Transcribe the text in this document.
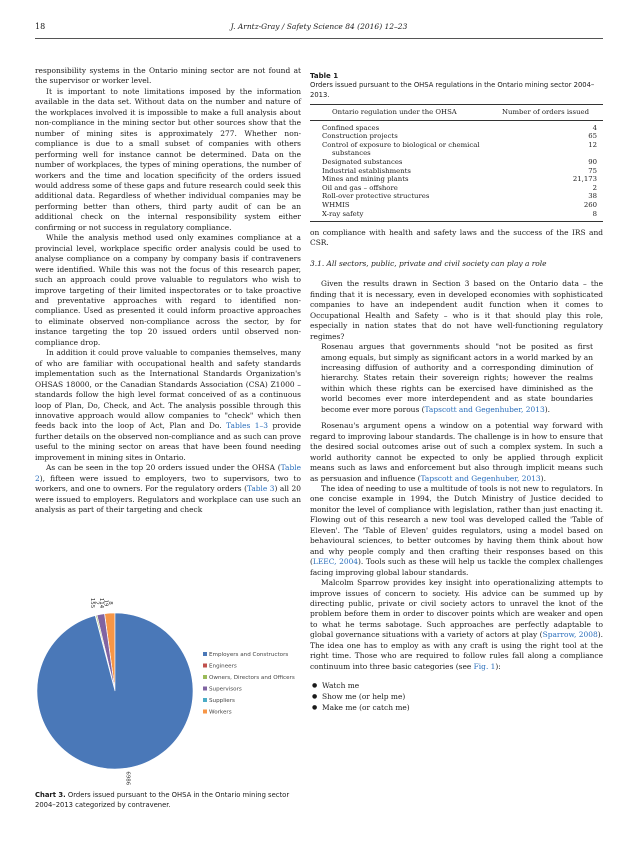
18	J. Arntz-Gray / Safety Science 84 (2016) 12–23

responsibility systems in the Ontario mining sector are not found at the supervisor or worker level.

It is important to note limitations imposed by the information available in the data set. Without data on the number and nature of the workplaces involved it is impossible to make a full analysis about non-compliance in the mining sector but other sources show that the number of mining sites is approximately 277. Whether non-compliance is due to a small subset of companies with others performing well for instance cannot be determined. Data on the number of workplaces, the types of mining operations, the number of workers and the time and location specificity of the orders issued would address some of these gaps and future research could seek this additional data. Regardless of whether individual companies may be performing better than others, third party audit of can be an additional check on the internal responsibility system either confirming or not success in regulatory compliance.

While the analysis method used only examines compliance at a provincial level, workplace specific order analysis could be used to analyse compliance on a company by company basis if contraveners were identified. While this was not the focus of this research paper, such an approach could prove valuable to regulators who wish to improve targeting of their limited inspectorates or to take proactive and preventative approaches with regard to identified non-compliance. Used as presented it could inform proactive approaches to eliminate observed non-compliance across the sector, by for instance targeting the top 20 issued orders until observed non-compliance drop.

In addition it could prove valuable to companies themselves, many of who are familiar with occupational health and safety standards implementation such as the International Standards Organization's OHSAS 18000, or the Canadian Standards Association (CSA) Z1000 – standards follow the high level format conceived of as a continuous loop of Plan, Do, Check, and Act. The analysis possible through this innovative approach would allow companies to "check" which then feeds back into the loop of Act, Plan and Do. Tables 1–3 provide further details on the observed non-compliance and as such can prove useful to the mining sector on areas that have been found needing improvement in mining sites in Ontario.

As can be seen in the top 20 orders issued under the OHSA (Table 2), fifteen were issued to employers, two to supervisors, two to workers, and one to owners. For the regulatory orders (Table 3) all 20 were issued to employers. Regulators and workplace can use such an analysis as part of their targeting and check

Table 1
Orders issued pursuant to the OHSA regulations in the Ontario mining sector 2004–2013.
Ontario regulation under the OHSA	Number of orders issued
Confined spaces	4

Construction projects	65

Control of exposure to biological or chemical substances	12

Designated substances	90

Industrial establishments	75

Mines and mining plants	21,173

Oil and gas – offshore	2

Roll-over protective structures	38

WHMIS	260

X-ray safety	8

on compliance with health and safety laws and the success of the IRS and CSR.

3.1. All sectors, public, private and civil society can play a role

Given the results drawn in Section 3 based on the Ontario data – the finding that it is necessary, even in developed economies with sophisticated companies to have an independent audit function when it comes to Occupational Health and Safety – who is it that should play this role, especially in nation states that do not have well-functioning regulatory regimes?

Rosenau argues that governments should "not be posited as first among equals, but simply as significant actors in a world marked by an increasing diffusion of authority and a corresponding diminution of hierarchy. States retain their sovereign rights; however the realms within which these rights can be exercised have diminished as the world becomes ever more interdependent and as state boundaries become ever more porous (Tapscott and Gegenhuber, 2013).

Rosenau's argument opens a window on a potential way forward with regard to improving labour standards. The challenge is in how to ensure that the desired social outcomes arise out of such a complex system. In such a world authority cannot be expected to only be applied through explicit means such as laws and enforcement but also through implicit means such as persuasion and influence (Tapscott and Gegenhuber, 2013).

The idea of needing to use a multitude of tools is not new to regulators. In one concise example in 1994, the Dutch Ministry of Justice decided to monitor the level of compliance with legislation, rather than just enacting it. Flowing out of this research a new tool was developed called the 'Table of Eleven'. The 'Table of Eleven' guides regulators, using a model based on behavioural sciences, to better outcomes by having them think about how and why people comply and then crafting their responses based on this (LEEC, 2004). Tools such as these will help us tackle the complex challenges facing improving global labour standards.

Malcolm Sparrow provides key insight into operationalizing attempts to improve issues of concern to society. His advice can be summed up by directing public, private or civil society actors to unravel the knot of the problem before them in order to discover points which are weaker and open to what he terms sabotage. Such approaches are perfectly adaptable to global governance situations with a variety of actors at play (Sparrow, 2008). The idea one has to employ as with any craft is using the right tool at the right time. Those who are required to follow rules fall along a compliance continuum into three basic categories (see Fig. 1):

● Watch me
● Show me (or help me)
● Make me (or catch me)
6986
8
19
114
2
155
Employers and Constructors
Engineers
Owners, Directors and Officers
Supervisors
Suppliers
Workers
Chart 3. Orders issued pursuant to the OHSA in the Ontario mining sector 2004–2013 categorized by contravener.
